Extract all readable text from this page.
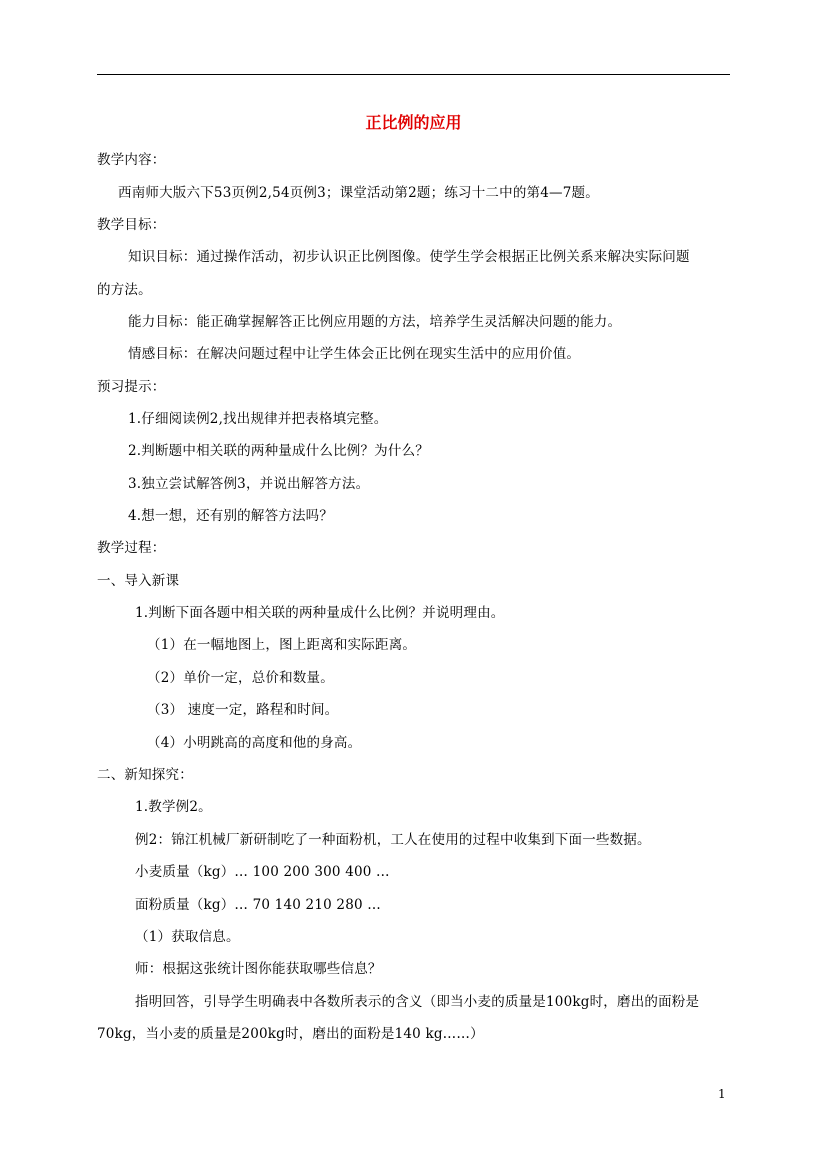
正比例的应用
教学内容：
西南师大版六下53页例2,54页例3；课堂活动第2题；练习十二中的第4—7题。
教学目标：
知识目标：通过操作活动，初步认识正比例图像。使学生学会根据正比例关系来解决实际问题
的方法。
能力目标：能正确掌握解答正比例应用题的方法，培养学生灵活解决问题的能力。
情感目标：在解决问题过程中让学生体会正比例在现实生活中的应用价值。
预习提示：
1.仔细阅读例2,找出规律并把表格填完整。
2.判断题中相关联的两种量成什么比例？为什么？
3.独立尝试解答例3，并说出解答方法。
4.想一想，还有别的解答方法吗？
教学过程：
一、导入新课
1.判断下面各题中相关联的两种量成什么比例？并说明理由。
（1）在一幅地图上，图上距离和实际距离。
（2）单价一定，总价和数量。
（3） 速度一定，路程和时间。
（4）小明跳高的高度和他的身高。
二、新知探究：
1.教学例2。
例2：锦江机械厂新研制吃了一种面粉机，工人在使用的过程中收集到下面一些数据。
小麦质量（kg）… 100 200 300 400 …
面粉质量（kg）… 70 140 210 280 …
（1）获取信息。
师：根据这张统计图你能获取哪些信息？
指明回答，引导学生明确表中各数所表示的含义（即当小麦的质量是100kg时，磨出的面粉是
70kg，当小麦的质量是200kg时，磨出的面粉是140 kg……）
1
